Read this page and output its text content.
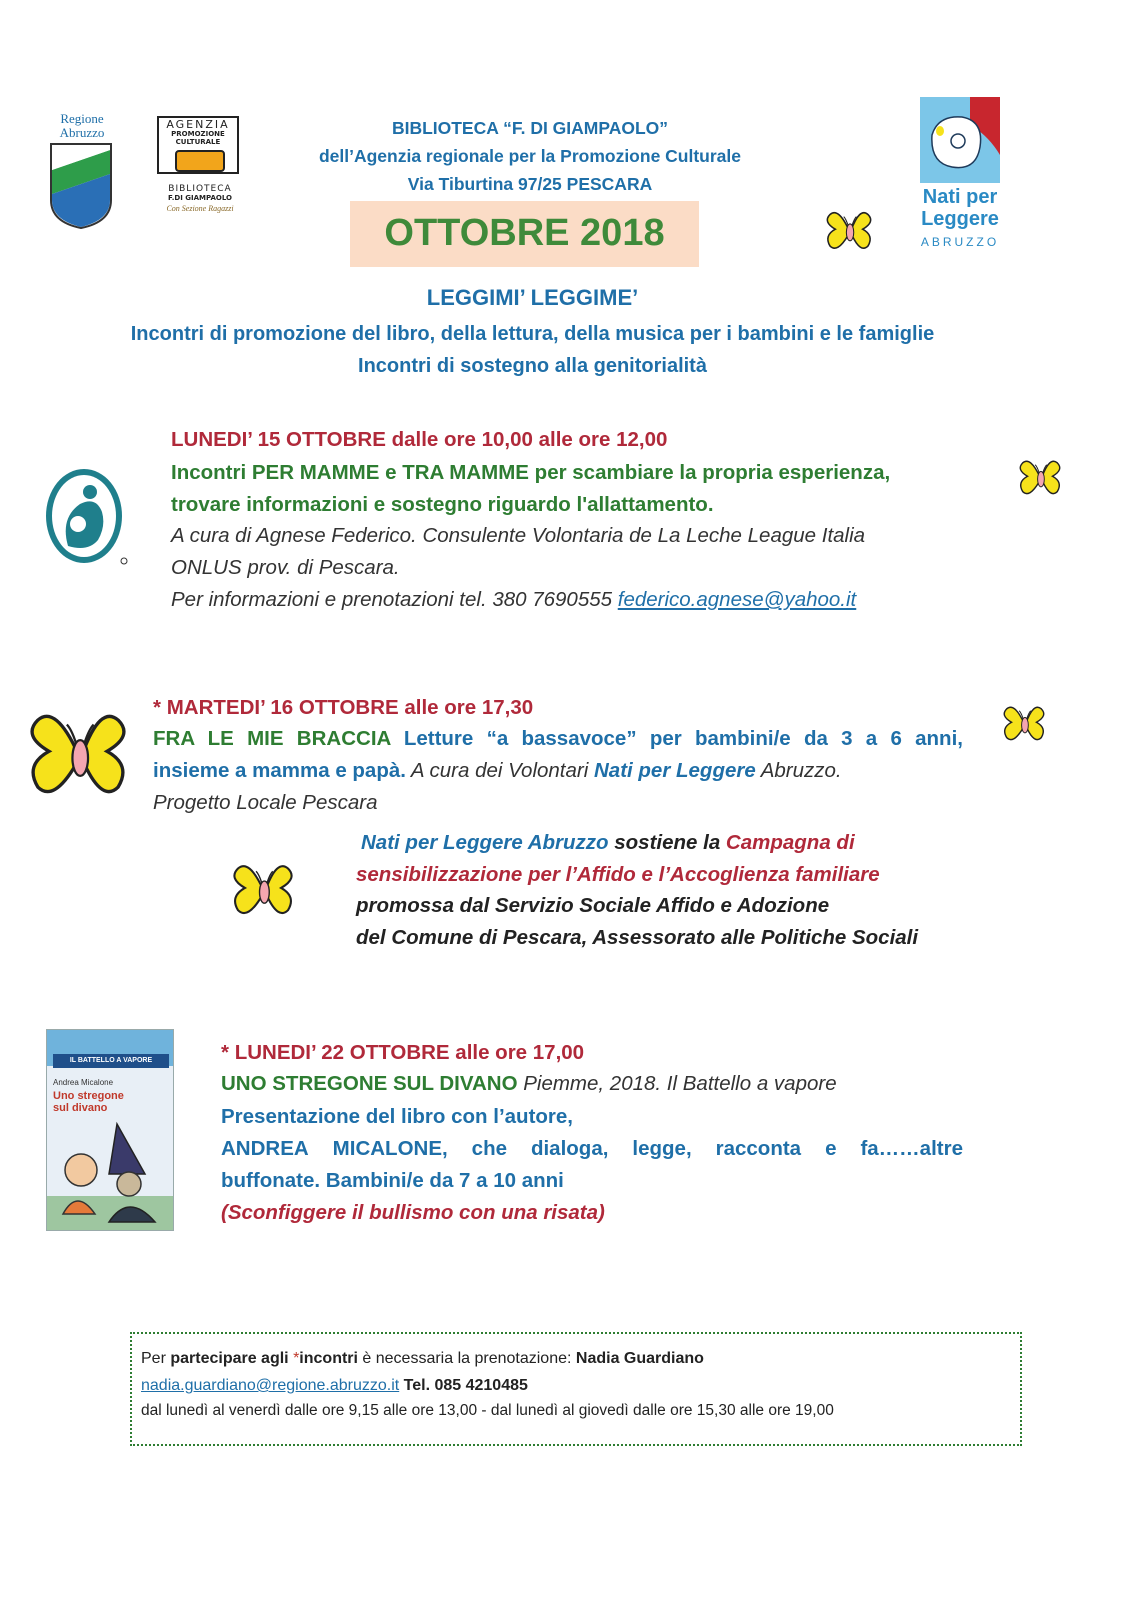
Regione Abruzzo
AGENZIA
PROMOZIONE CULTURALE
BIBLIOTECA
F.DI GIAMPAOLO
Con Sezione Ragazzi
BIBLIOTECA “F. DI GIAMPAOLO”
dell’Agenzia regionale per la Promozione Culturale
Via Tiburtina 97/25 PESCARA
OTTOBRE 2018
Nati per
Leggere
ABRUZZO
LEGGIMI’ LEGGIME’
Incontri di promozione del libro, della lettura, della musica per i bambini e le famiglie
Incontri di sostegno alla genitorialità
LUNEDI’ 15 OTTOBRE dalle ore 10,00 alle ore 12,00
Incontri PER MAMME e TRA MAMME per scambiare la propria esperienza,
trovare informazioni e sostegno riguardo l'allattamento.
A cura di Agnese Federico. Consulente Volontaria de La Leche League Italia
ONLUS prov. di Pescara.
Per informazioni e prenotazioni tel. 380 7690555 federico.agnese@yahoo.it
* MARTEDI’ 16 OTTOBRE alle ore 17,30
FRA LE MIE BRACCIA Letture “a bassavoce” per bambini/e da 3 a 6 anni,
insieme a mamma e papà. A cura dei Volontari Nati per Leggere Abruzzo.
Progetto Locale Pescara
Nati per Leggere Abruzzo sostiene la Campagna di
sensibilizzazione per l’Affido e l’Accoglienza familiare
promossa dal Servizio Sociale Affido e Adozione
del Comune di Pescara, Assessorato alle Politiche Sociali
IL BATTELLO A VAPORE
Andrea Micalone
Uno stregone
sul divano
* LUNEDI’ 22 OTTOBRE alle ore 17,00
UNO STREGONE SUL DIVANO Piemme, 2018. Il Battello a vapore
Presentazione del libro con l’autore,
ANDREA MICALONE, che dialoga, legge, racconta e fa……altre
buffonate. Bambini/e da 7 a 10 anni
(Sconfiggere il bullismo con una risata)
Per partecipare agli *incontri è necessaria la prenotazione: Nadia Guardiano
nadia.guardiano@regione.abruzzo.it Tel. 085 4210485
dal lunedì al venerdì dalle ore 9,15 alle ore 13,00 - dal lunedì al giovedì dalle ore 15,30 alle ore 19,00
